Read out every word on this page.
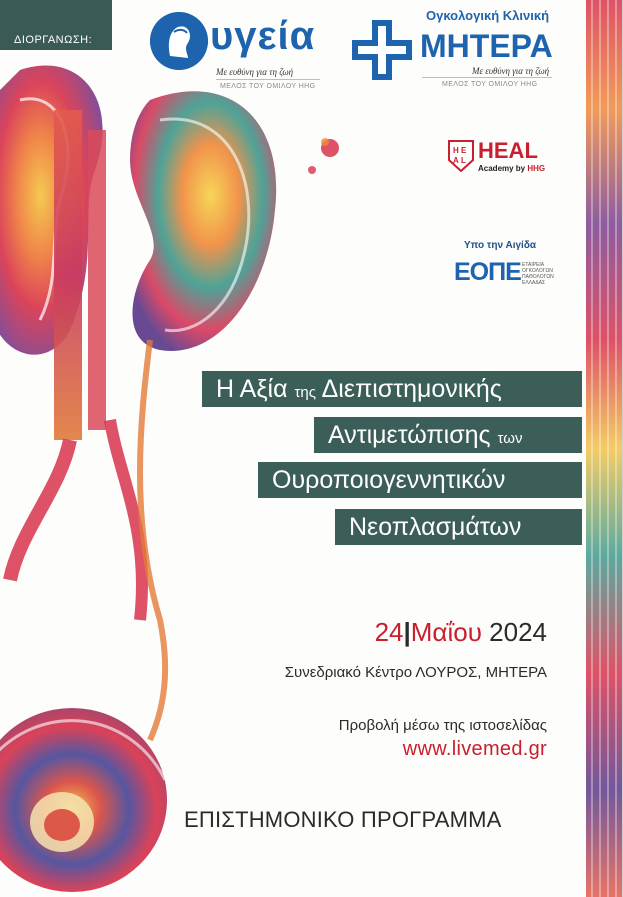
ΔΙΟΡΓΑΝΩΣΗ:	υγεία
Με ευθύνη για τη ζωή
ΜΕΛΟΣ ΤΟΥ ΟΜΙΛΟΥ HHG
Ογκολογική Κλινική
ΜΗΤΕΡΑ
Με ευθύνη για τη ζωή
ΜΕΛΟΣ ΤΟΥ ΟΜΙΛΟΥ HHG
H E
A L HEAL
Academy by HHG
Υπο την Αιγίδα
ΕΟΠΕ ΕΤΑΙΡΕΙΑ ΟΓΚΟΛΟΓΩΝ ΠΑΘΟΛΟΓΩΝ ΕΛΛΑΔΑΣ
Η Αξία της Διεπιστημονικής
Αντιμετώπισης των
Ουροποιογεννητικών
Νεοπλασμάτων
24|Μαΐου 2024
Συνεδριακό Κέντρο ΛΟΥΡΟΣ, ΜΗΤΕΡΑ
Προβολή μέσω της ιστοσελίδας
www.livemed.gr
ΕΠΙΣΤΗΜΟΝΙΚΟ ΠΡΟΓΡΑΜΜΑ
